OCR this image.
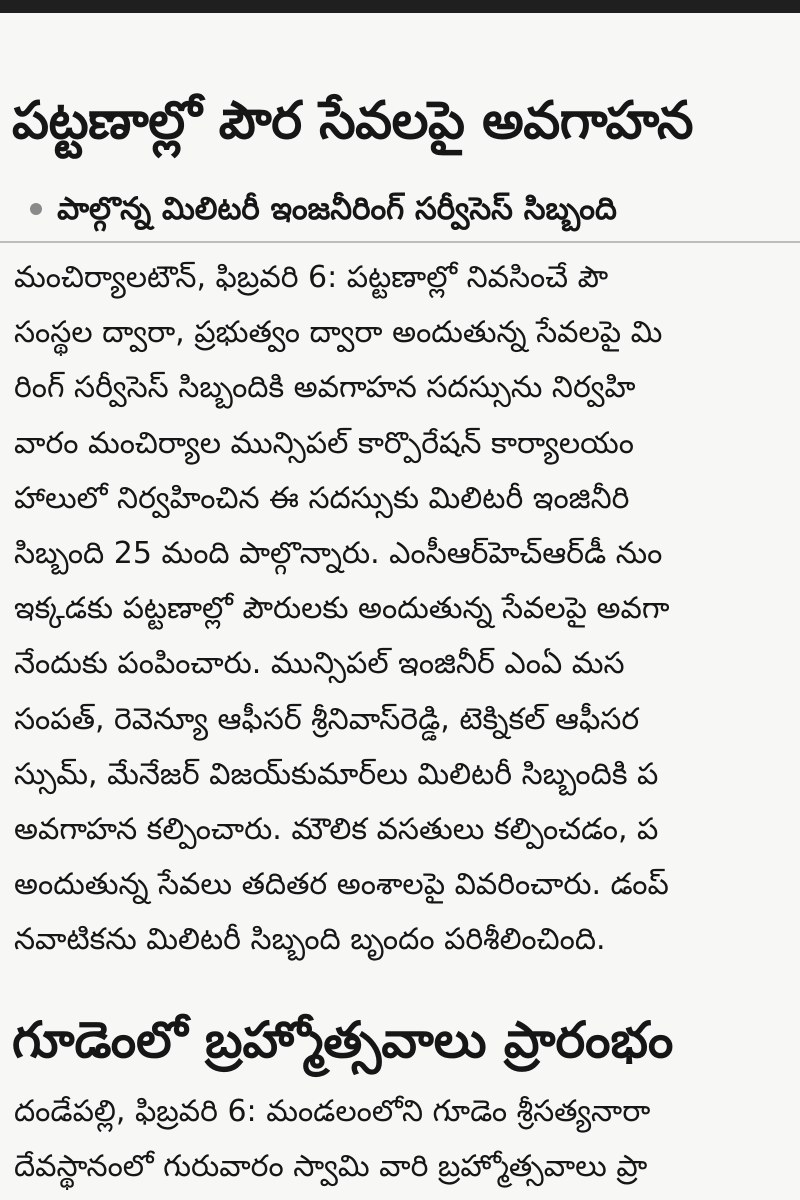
పట్టణాల్లో పౌర సేవలపై అవగాహన
పాల్గొన్న మిలిటరీ ఇంజనీరింగ్ సర్వీసెస్ సిబ్బంది
మంచిర్యాలటౌన్, ఫిబ్రవరి 6: పట్టణాల్లో నివసించే పౌ
సంస్థల ద్వారా, ప్రభుత్వం ద్వారా అందుతున్న సేవలపై మి
రింగ్ సర్వీసెస్ సిబ్బందికి అవగాహన సదస్సును నిర్వహి
వారం మంచిర్యాల మున్సిపల్ కార్పొరేషన్ కార్యాలయం
హాలులో నిర్వహించిన ఈ సదస్సుకు మిలిటరీ ఇంజినీరి
సిబ్బంది 25 మంది పాల్గొన్నారు. ఎంసీఆర్‌హెచ్‌ఆర్‌డీ నుం
ఇక్కడకు పట్టణాల్లో పౌరులకు అందుతున్న సేవలపై అవగా
నేందుకు పంపించారు. మున్సిపల్ ఇంజినీర్ ఎంఏ మస
సంపత్, రెవెన్యూ ఆఫీసర్ శ్రీనివాస్‌రెడ్డి, టెక్నికల్ ఆఫీసర
స్సుమ్, మేనేజర్ విజయ్‌కుమార్‌లు మిలిటరీ సిబ్బందికి ప
అవగాహన కల్పించారు. మౌలిక వసతులు కల్పించడం, ప
అందుతున్న సేవలు తదితర అంశాలపై వివరించారు. డంప్
నవాటికను మిలిటరీ సిబ్బంది బృందం పరిశీలించింది.
గూడెంలో బ్రహ్మోత్సవాలు ప్రారంభం
దండేపల్లి, ఫిబ్రవరి 6: మండలంలోని గూడెం శ్రీసత్యనారా
దేవస్థానంలో గురువారం స్వామి వారి బ్రహ్మోత్సవాలు ప్రా
